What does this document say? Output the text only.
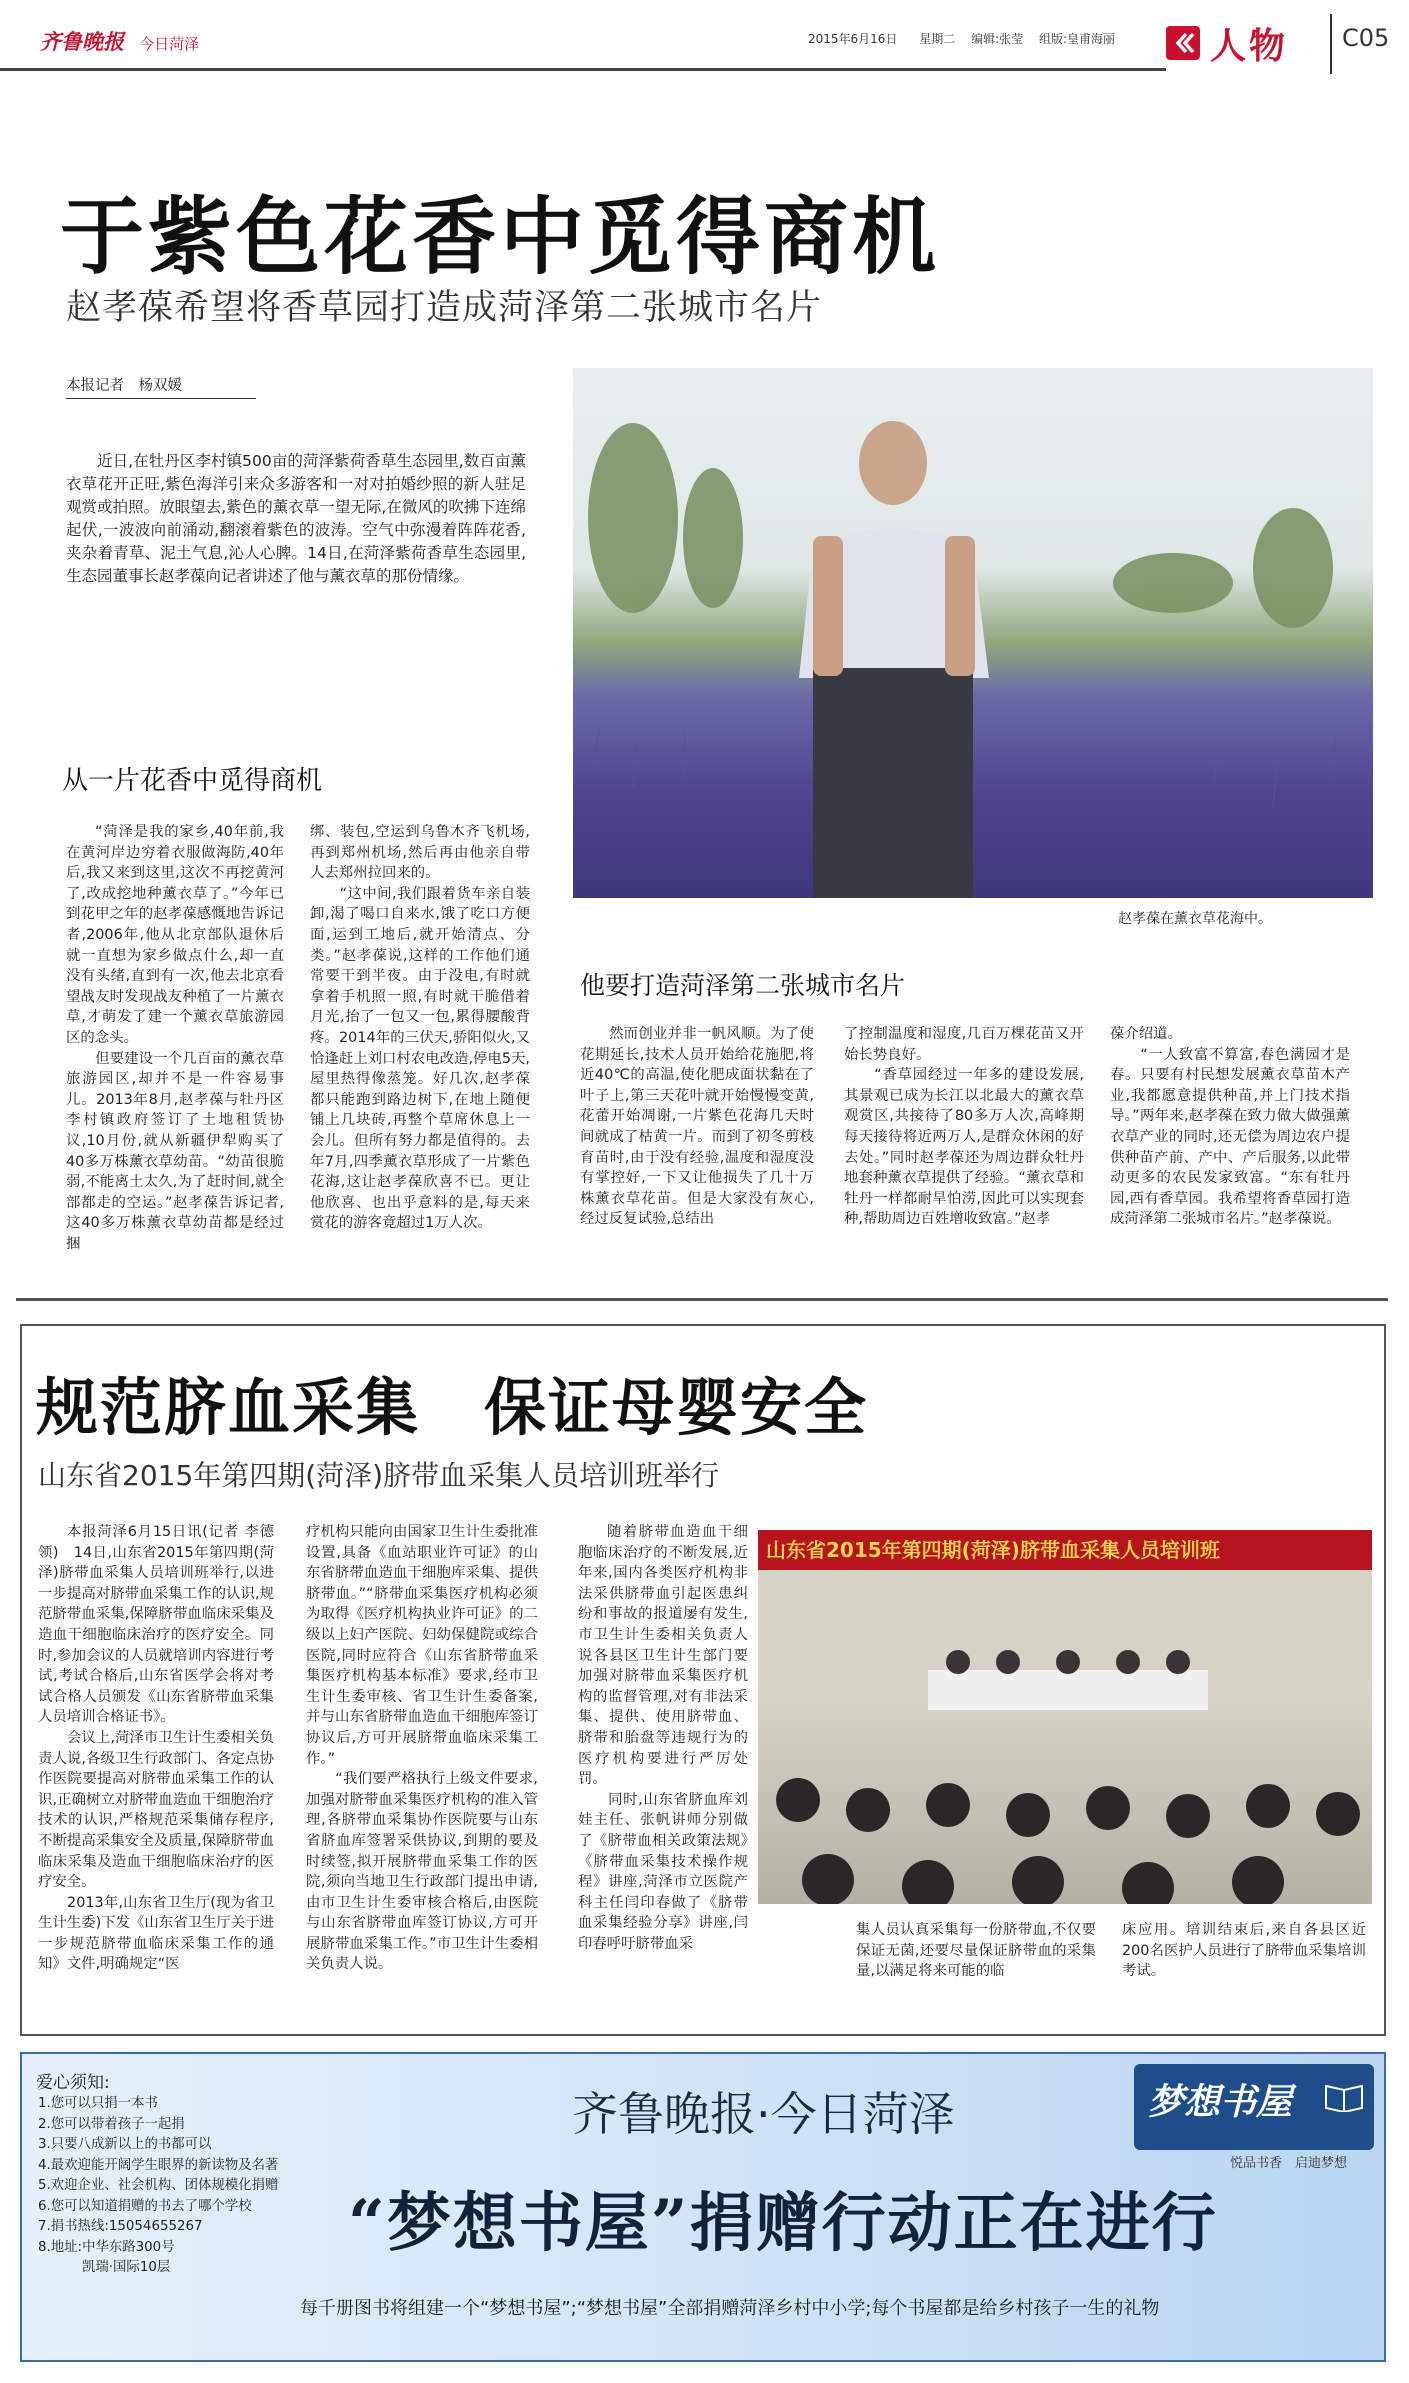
齐鲁晚报 今日菏泽	2015年6月16日 星期二 编辑:张莹 组版:皇甫海丽	人物 C05
于紫色花香中觅得商机
赵孝葆希望将香草园打造成菏泽第二张城市名片
本报记者　杨双媛
近日,在牡丹区李村镇500亩的菏泽紫荷香草生态园里,数百亩薰衣草花开正旺,紫色海洋引来众多游客和一对对拍婚纱照的新人驻足观赏或拍照。放眼望去,紫色的薰衣草一望无际,在微风的吹拂下连绵起伏,一波波向前涌动,翻滚着紫色的波涛。空气中弥漫着阵阵花香,夹杂着青草、泥土气息,沁人心脾。14日,在菏泽紫荷香草生态园里,生态园董事长赵孝葆向记者讲述了他与薰衣草的那份情缘。
从一片花香中觅得商机
“菏泽是我的家乡,40年前,我在黄河岸边穷着衣服做海防,40年后,我又来到这里,这次不再挖黄河了,改成挖地种薰衣草了。”今年已到花甲之年的赵孝葆感慨地告诉记者,2006年,他从北京部队退休后就一直想为家乡做点什么,却一直没有头绪,直到有一次,他去北京看望战友时发现战友种植了一片薰衣草,才萌发了建一个薰衣草旅游园区的念头。
　　但要建设一个几百亩的薰衣草旅游园区,却并不是一件容易事儿。2013年8月,赵孝葆与牡丹区李村镇政府签订了土地租赁协议,10月份,就从新疆伊犁购买了40多万株薰衣草幼苗。“幼苗很脆弱,不能离土太久,为了赶时间,就全部都走的空运。”赵孝葆告诉记者,这40多万株薰衣草幼苗都是经过捆
绑、装包,空运到乌鲁木齐飞机场,再到郑州机场,然后再由他亲自带人去郑州拉回来的。
　　“这中间,我们跟着货车亲自装卸,渴了喝口自来水,饿了吃口方便面,运到工地后,就开始清点、分类。”赵孝葆说,这样的工作他们通常要干到半夜。由于没电,有时就拿着手机照一照,有时就干脆借着月光,抬了一包又一包,累得腰酸背疼。2014年的三伏天,骄阳似火,又恰逢赶上刘口村农电改造,停电5天,屋里热得像蒸笼。好几次,赵孝葆都只能跑到路边树下,在地上随便铺上几块砖,再整个草席休息上一会儿。但所有努力都是值得的。去年7月,四季薰衣草形成了一片紫色花海,这让赵孝葆欣喜不已。更让他欣喜、也出乎意料的是,每天来赏花的游客竟超过1万人次。
赵孝葆在薰衣草花海中。
他要打造菏泽第二张城市名片
然而创业并非一帆风顺。为了使花期延长,技术人员开始给花施肥,将近40℃的高温,使化肥成面状黏在了叶子上,第三天花叶就开始慢慢变黄,花蕾开始凋谢,一片紫色花海几天时间就成了枯黄一片。而到了初冬剪枝育苗时,由于没有经验,温度和湿度没有掌控好,一下又让他损失了几十万株薰衣草花苗。但是大家没有灰心,经过反复试验,总结出
了控制温度和湿度,几百万棵花苗又开始长势良好。
　　“香草园经过一年多的建设发展,其景观已成为长江以北最大的薰衣草观赏区,共接待了80多万人次,高峰期每天接待将近两万人,是群众休闲的好去处。”同时赵孝葆还为周边群众牡丹地套种薰衣草提供了经验。“薰衣草和牡丹一样都耐旱怕涝,因此可以实现套种,帮助周边百姓增收致富。”赵孝
葆介绍道。
　　“一人致富不算富,春色满园才是春。只要有村民想发展薰衣草苗木产业,我都愿意提供种苗,并上门技术指导。”两年来,赵孝葆在致力做大做强薰衣草产业的同时,还无偿为周边农户提供种苗产前、产中、产后服务,以此带动更多的农民发家致富。“东有牡丹园,西有香草园。我希望将香草园打造成菏泽第二张城市名片。”赵孝葆说。
规范脐血采集　保证母婴安全
山东省2015年第四期(菏泽)脐带血采集人员培训班举行
本报菏泽6月15日讯(记者 李德领)　14日,山东省2015年第四期(菏泽)脐带血采集人员培训班举行,以进一步提高对脐带血采集工作的认识,规范脐带血采集,保障脐带血临床采集及造血干细胞临床治疗的医疗安全。同时,参加会议的人员就培训内容进行考试,考试合格后,山东省医学会将对考试合格人员颁发《山东省脐带血采集人员培训合格证书》。
　　会议上,菏泽市卫生计生委相关负责人说,各级卫生行政部门、各定点协作医院要提高对脐带血采集工作的认识,正确树立对脐带血造血干细胞治疗技术的认识,严格规范采集储存程序,不断提高采集安全及质量,保障脐带血临床采集及造血干细胞临床治疗的医疗安全。
　　2013年,山东省卫生厅(现为省卫生计生委)下发《山东省卫生厅关于进一步规范脐带血临床采集工作的通知》文件,明确规定“医
疗机构只能向由国家卫生计生委批准设置,具备《血站职业许可证》的山东省脐带血造血干细胞库采集、提供脐带血。”“脐带血采集医疗机构必须为取得《医疗机构执业许可证》的二级以上妇产医院、妇幼保健院或综合医院,同时应符合《山东省脐带血采集医疗机构基本标准》要求,经市卫生计生委审核、省卫生计生委备案,并与山东省脐带血造血干细胞库签订协议后,方可开展脐带血临床采集工作。”
　　“我们要严格执行上级文件要求,加强对脐带血采集医疗机构的准入管理,各脐带血采集协作医院要与山东省脐血库签署采供协议,到期的要及时续签,拟开展脐带血采集工作的医院,须向当地卫生行政部门提出申请,由市卫生计生委审核合格后,由医院与山东省脐带血库签订协议,方可开展脐带血采集工作。”市卫生计生委相关负责人说。
随着脐带血造血干细胞临床治疗的不断发展,近年来,国内各类医疗机构非法采供脐带血引起医患纠纷和事故的报道屡有发生,市卫生计生委相关负责人说各县区卫生计生部门要加强对脐带血采集医疗机构的监督管理,对有非法采集、提供、使用脐带血、脐带和胎盘等违规行为的医疗机构要进行严厉处罚。
　　同时,山东省脐血库刘娃主任、张帆讲师分别做了《脐带血相关政策法规》《脐带血采集技术操作规程》讲座,菏泽市立医院产科主任闫印春做了《脐带血采集经验分享》讲座,闫印春呼吁脐带血采
山东省2015年第四期(菏泽)脐带血采集人员培训班
集人员认真采集每一份脐带血,不仅要保证无菌,还要尽量保证脐带血的采集量,以满足将来可能的临
床应用。培训结束后,来自各县区近200名医护人员进行了脐带血采集培训考试。
爱心须知:
1.您可以只捐一本书
2.您可以带着孩子一起捐
3.只要八成新以上的书都可以
4.最欢迎能开阔学生眼界的新读物及名著
5.欢迎企业、社会机构、团体规模化捐赠
6.您可以知道捐赠的书去了哪个学校
7.捐书热线:15054655267
8.地址:中华东路300号
凯瑞·国际10层
齐鲁晚报·今日菏泽
“梦想书屋”捐赠行动正在进行
每千册图书将组建一个“梦想书屋”;“梦想书屋”全部捐赠菏泽乡村中小学;每个书屋都是给乡村孩子一生的礼物
梦想书屋
悦品书香　启迪梦想
